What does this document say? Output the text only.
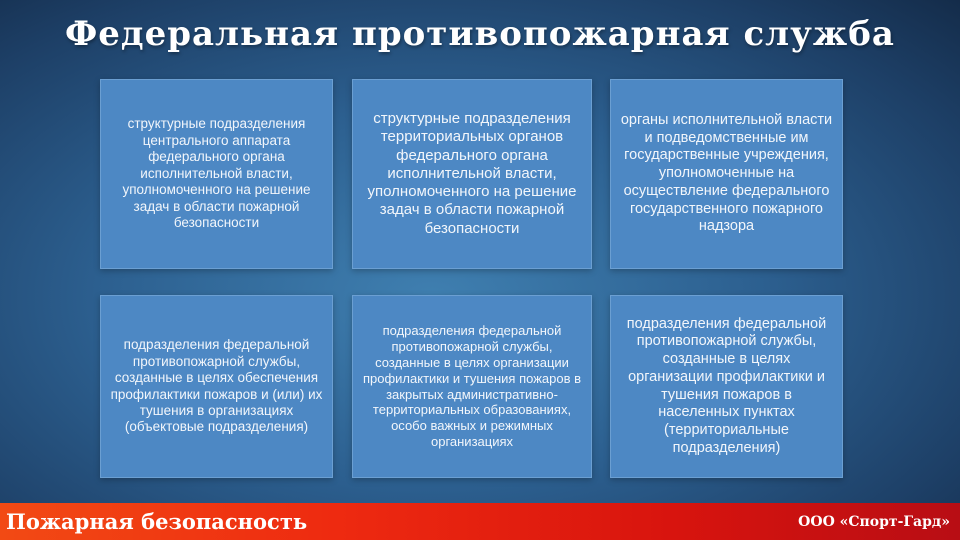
Федеральная противопожарная служба
структурные подразделения центрального аппарата федерального органа исполнительной власти, уполномоченного на решение задач в области пожарной безопасности
структурные подразделения территориальных органов федерального органа исполнительной власти, уполномоченного на решение задач в области пожарной безопасности
органы исполнительной власти и подведомственные им государственные учреждения, уполномоченные на осуществление федерального государственного пожарного надзора
подразделения федеральной противопожарной службы, созданные в целях обеспечения профилактики пожаров и (или) их тушения в организациях (объектовые подразделения)
подразделения федеральной противопожарной службы, созданные в целях организации профилактики и тушения пожаров в закрытых административно-территориальных образованиях, особо важных и режимных организациях
подразделения федеральной противопожарной службы, созданные в целях организации профилактики и тушения пожаров в населенных пунктах (территориальные подразделения)
Пожарная безопасность	ООО «Спорт-Гард»
